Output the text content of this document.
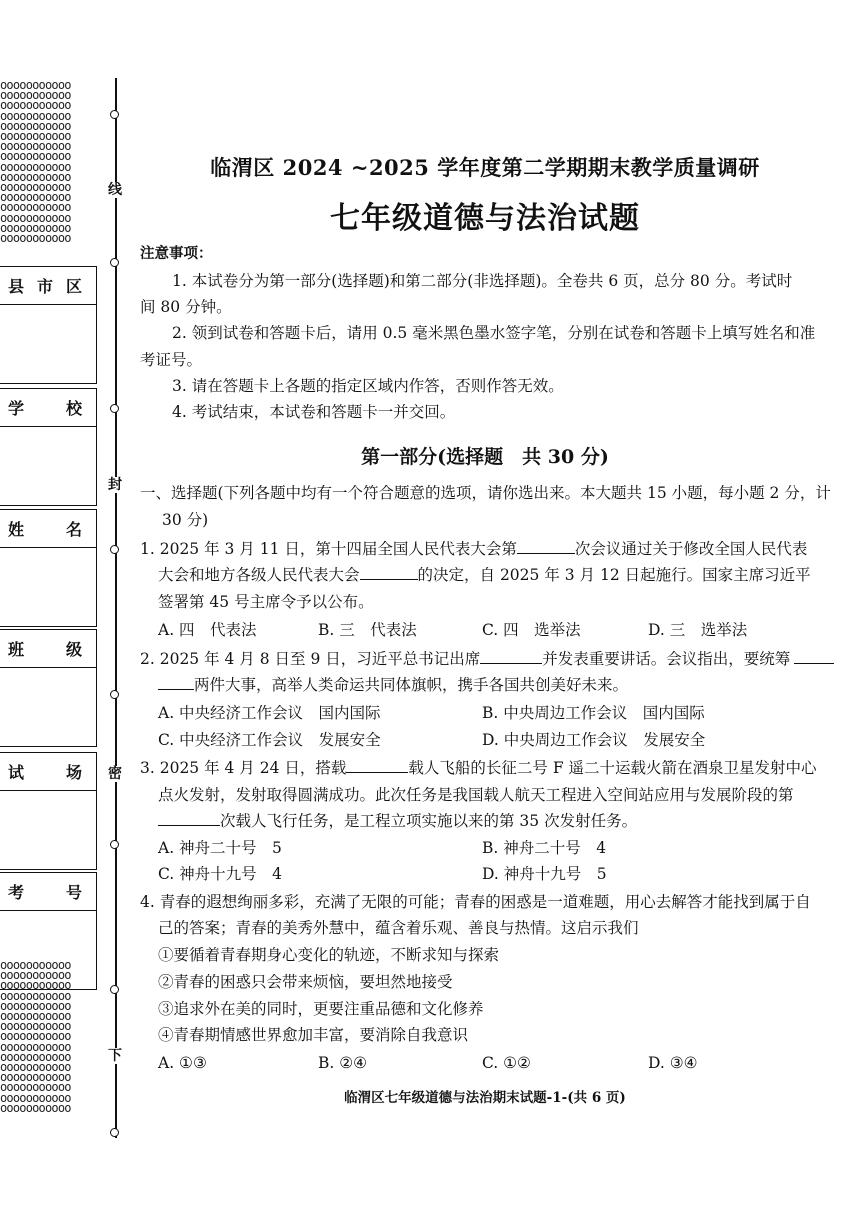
ooooooooooo
ooooooooooo
ooooooooooo
ooooooooooo
ooooooooooo
ooooooooooo
ooooooooooo
ooooooooooo
ooooooooooo
ooooooooooo
ooooooooooo
ooooooooooo
ooooooooooo
ooooooooooo
ooooooooooo
ooooooooooo
ooooooooooo
ooooooooooo
ooooooooooo
ooooooooooo
ooooooooooo
ooooooooooo
ooooooooooo
ooooooooooo
ooooooooooo
ooooooooooo
ooooooooooo
ooooooooooo
ooooooooooo
ooooooooooo
ooooooooooo
线
封
密
下
县 市 区
学	校
姓	名
班	级
试	场
考	号
临渭区 2024 ~2025 学年度第二学期期末教学质量调研
七年级道德与法治试题
注意事项：
1. 本试卷分为第一部分(选择题)和第二部分(非选择题)。全卷共 6 页，总分 80 分。考试时
间 80 分钟。
2. 领到试卷和答题卡后，请用 0.5 毫米黑色墨水签字笔，分别在试卷和答题卡上填写姓名和准
考证号。
3. 请在答题卡上各题的指定区域内作答，否则作答无效。
4. 考试结束，本试卷和答题卡一并交回。
第一部分(选择题　共 30 分)
一、选择题(下列各题中均有一个符合题意的选项，请你选出来。本大题共 15 小题，每小题 2 分，计
30 分)
1. 2025 年 3 月 11 日，第十四届全国人民代表大会第	次会议通过关于修改全国人民代表
大会和地方各级人民代表大会	的决定，自 2025 年 3 月 12 日起施行。国家主席习近平
签署第 45 号主席令予以公布。
A. 四　代表法	B. 三　代表法	C. 四　选举法	D. 三　选举法
2. 2025 年 4 月 8 日至 9 日，习近平总书记出席	并发表重要讲话。会议指出，要统筹
两件大事，高举人类命运共同体旗帜，携手各国共创美好未来。
A. 中央经济工作会议　国内国际	B. 中央周边工作会议　国内国际
C. 中央经济工作会议　发展安全	D. 中央周边工作会议　发展安全
3. 2025 年 4 月 24 日，搭载	载人飞船的长征二号 F 遥二十运载火箭在酒泉卫星发射中心
点火发射，发射取得圆满成功。此次任务是我国载人航天工程进入空间站应用与发展阶段的第
次载人飞行任务，是工程立项实施以来的第 35 次发射任务。
A. 神舟二十号　5	B. 神舟二十号　4
C. 神舟十九号　4	D. 神舟十九号　5
4. 青春的遐想绚丽多彩，充满了无限的可能；青春的困惑是一道难题，用心去解答才能找到属于自
己的答案；青春的美秀外慧中，蕴含着乐观、善良与热情。这启示我们
①要循着青春期身心变化的轨迹，不断求知与探索
②青春的困惑只会带来烦恼，要坦然地接受
③追求外在美的同时，更要注重品德和文化修养
④青春期情感世界愈加丰富，要消除自我意识
A. ①③	B. ②④	C. ①②	D. ③④
临渭区七年级道德与法治期末试题-1-(共 6 页)
